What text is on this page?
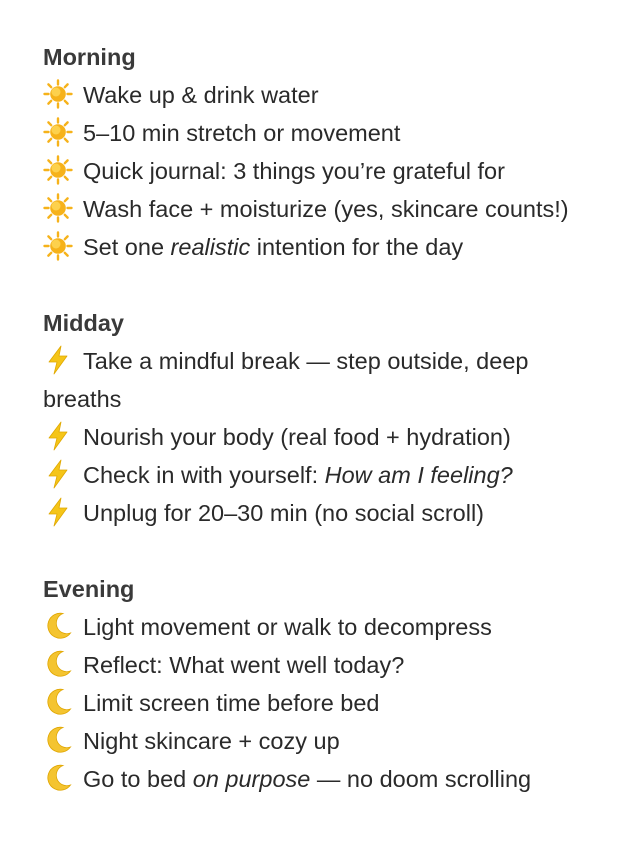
Morning

Wake up & drink water

5–10 min stretch or movement

Quick journal: 3 things you’re grateful for

Wash face + moisturize (yes, skincare counts!)

Set one realistic intention for the day

Midday

Take a mindful break — step outside, deep breaths

Nourish your body (real food + hydration)

Check in with yourself: How am I feeling?

Unplug for 20–30 min (no social scroll)

Evening

Light movement or walk to decompress

Reflect: What went well today?

Limit screen time before bed

Night skincare + cozy up

Go to bed on purpose — no doom scrolling
